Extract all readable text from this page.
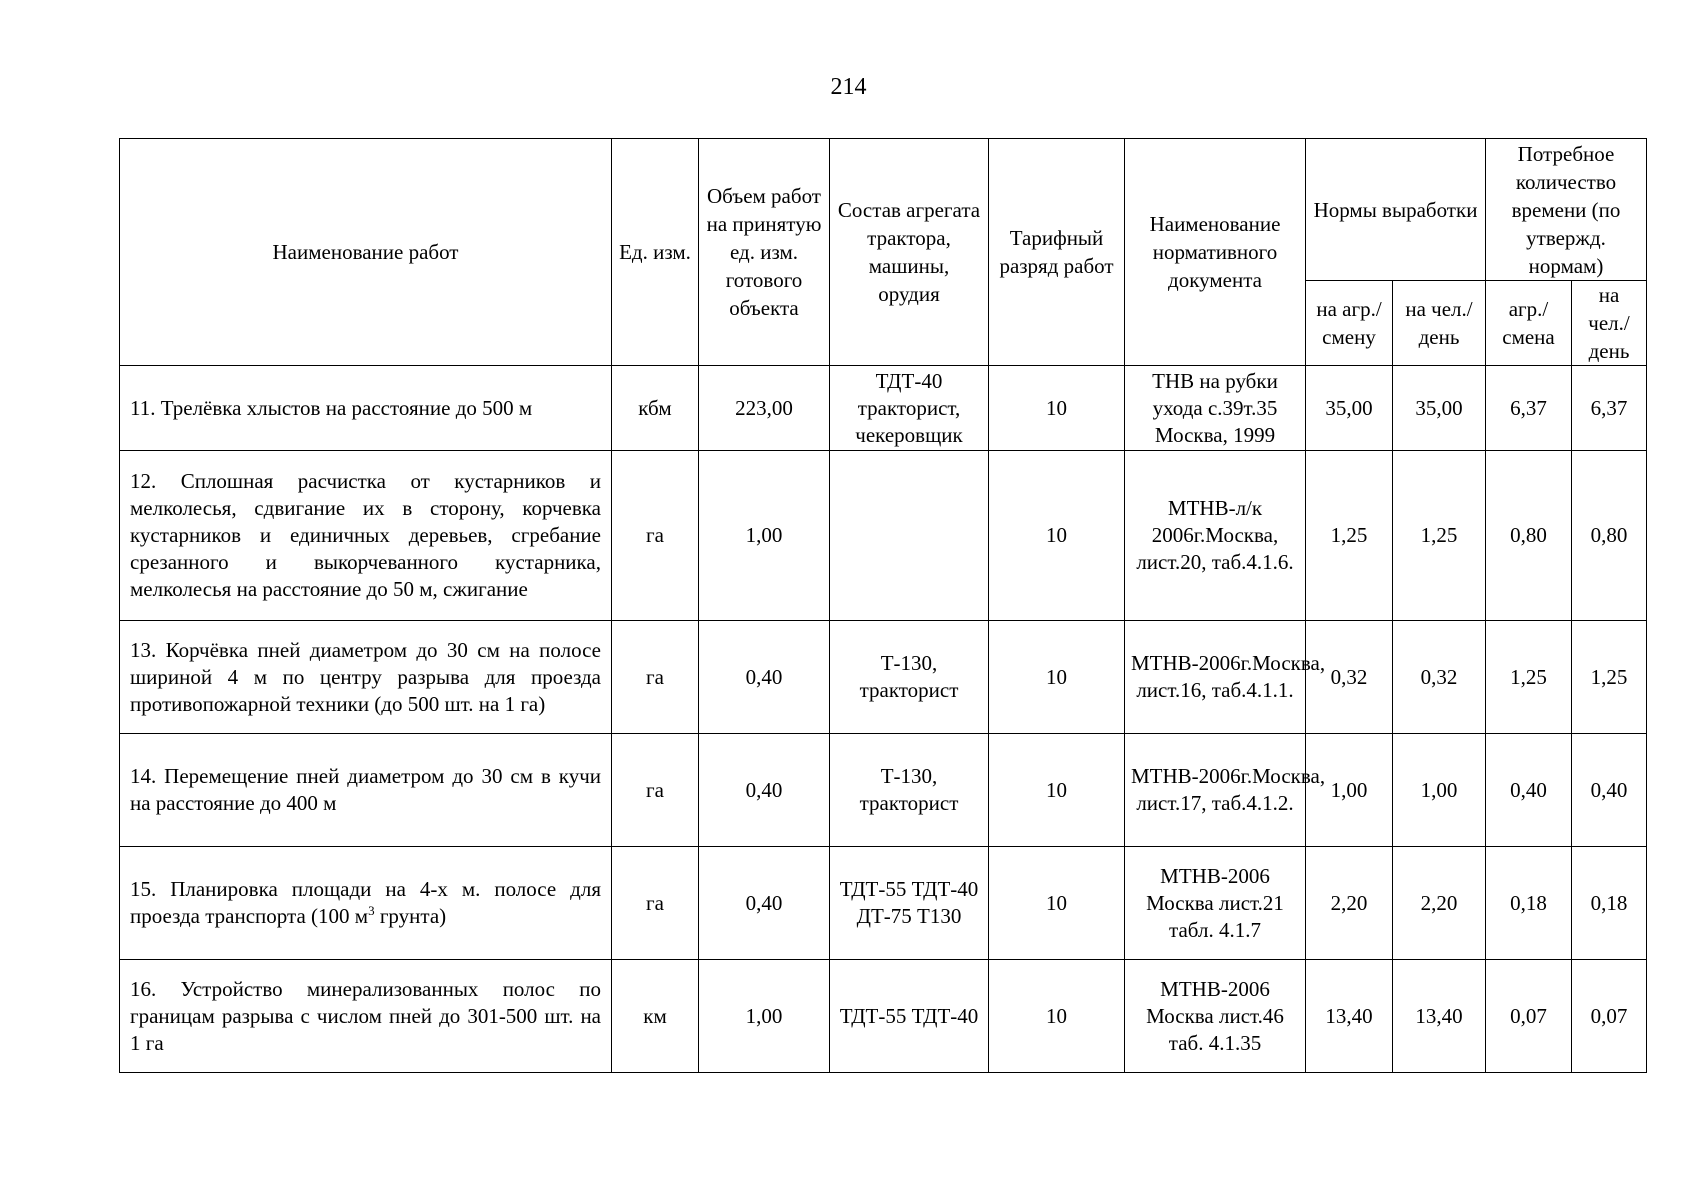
214
Наименование работ	Ед. изм.	Объем работ на принятую ед. изм. готового объекта	Состав агрегата трактора, машины, орудия	Тарифный разряд работ	Наименование нормативного документа	Нормы выработки		Потребное количество времени (по утвержд. нормам)	
						на агр./ смену	на чел./ день	агр./ смена	на чел./ день
11. Трелёвка хлыстов на расстояние до 500 м	кбм	223,00	ТДТ-40 тракторист, чекеровщик	10	ТНВ на рубки ухода с.39т.35 Москва, 1999	35,00	35,00	6,37	6,37
12. Сплошная расчистка от кустарников и мелколесья, сдвигание их в сторону, корчевка кустарников и единичных деревьев, сгребание срезанного и выкорчеванного кустарника, мелколесья на расстояние до 50 м, сжигание	га	1,00		10	МТНВ-л/к 2006г.Москва, лист.20, таб.4.1.6.	1,25	1,25	0,80	0,80
13. Корчёвка пней диаметром до 30 см на полосе шириной 4 м по центру разрыва для проезда противопожарной техники (до 500 шт. на 1 га)	га	0,40	Т-130, тракторист	10	МТНВ-2006г.Москва, лист.16, таб.4.1.1.	0,32	0,32	1,25	1,25
14. Перемещение пней диаметром до 30 см в кучи на расстояние до 400 м	га	0,40	Т-130, тракторист	10	МТНВ-2006г.Москва, лист.17, таб.4.1.2.	1,00	1,00	0,40	0,40
15. Планировка площади на 4-х м. полосе для проезда транспорта (100 $м^3$ грунта)	га	0,40	ТДТ-55 ТДТ-40 ДТ-75 Т130	10	МТНВ-2006 Москва лист.21 табл. 4.1.7	2,20	2,20	0,18	0,18
16. Устройство минерализованных полос по границам разрыва с числом пней до 301-500 шт. на 1 га	км	1,00	ТДТ-55 ТДТ-40	10	МТНВ-2006 Москва лист.46 таб. 4.1.35	13,40	13,40	0,07	0,07
